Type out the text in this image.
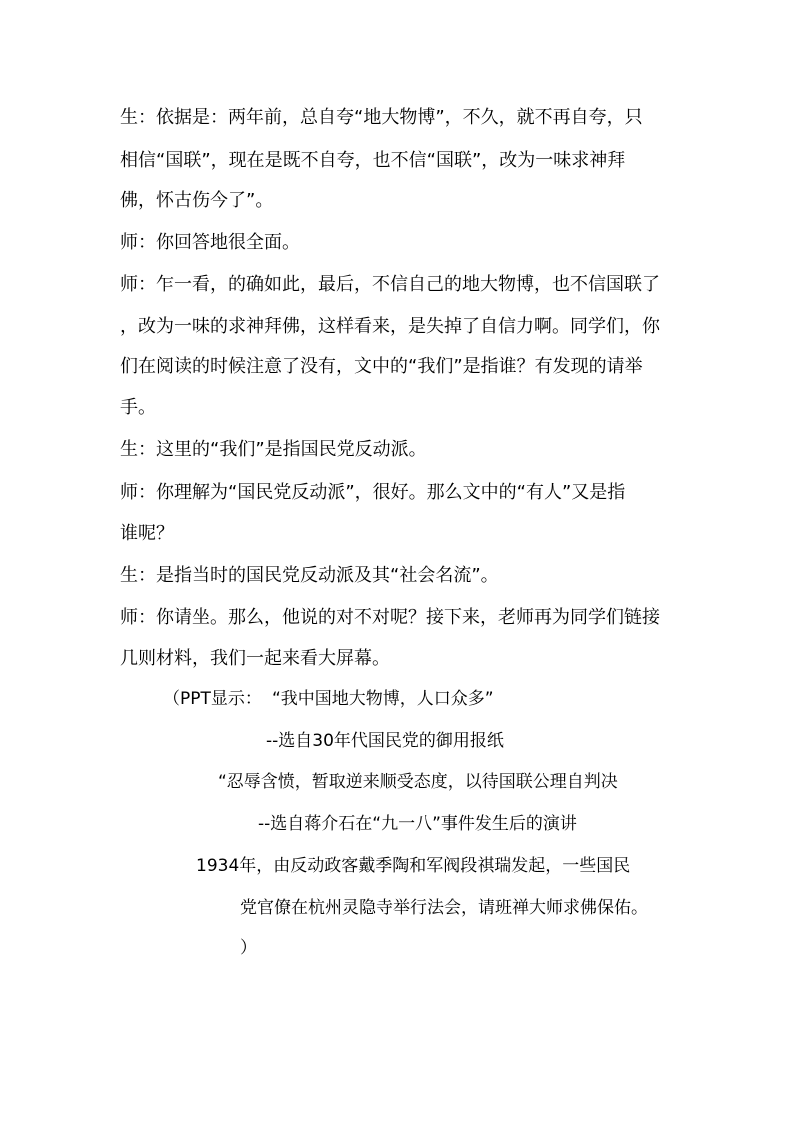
生：依据是：两年前，总自夸“地大物博”，不久，就不再自夸，只
相信“国联”，现在是既不自夸，也不信“国联”，改为一味求神拜
佛，怀古伤今了”。
师：你回答地很全面。
师：乍一看，的确如此，最后，不信自己的地大物博，也不信国联了
，改为一味的求神拜佛，这样看来，是失掉了自信力啊。同学们，你
们在阅读的时候注意了没有，文中的“我们”是指谁？有发现的请举
手。
生：这里的“我们”是指国民党反动派。
师：你理解为“国民党反动派”，很好。那么文中的“有人”又是指
谁呢？
生：是指当时的国民党反动派及其“社会名流”。
师：你请坐。那么，他说的对不对呢？接下来，老师再为同学们链接
几则材料，我们一起来看大屏幕。
（PPT显示： “我中国地大物博，人口众多”
--选自30年代国民党的御用报纸
“忍辱含愤，暂取逆来顺受态度，以待国联公理自判决
--选自蒋介石在“九一八”事件发生后的演讲
1934年，由反动政客戴季陶和军阀段祺瑞发起，一些国民
党官僚在杭州灵隐寺举行法会，请班禅大师求佛保佑。
）
